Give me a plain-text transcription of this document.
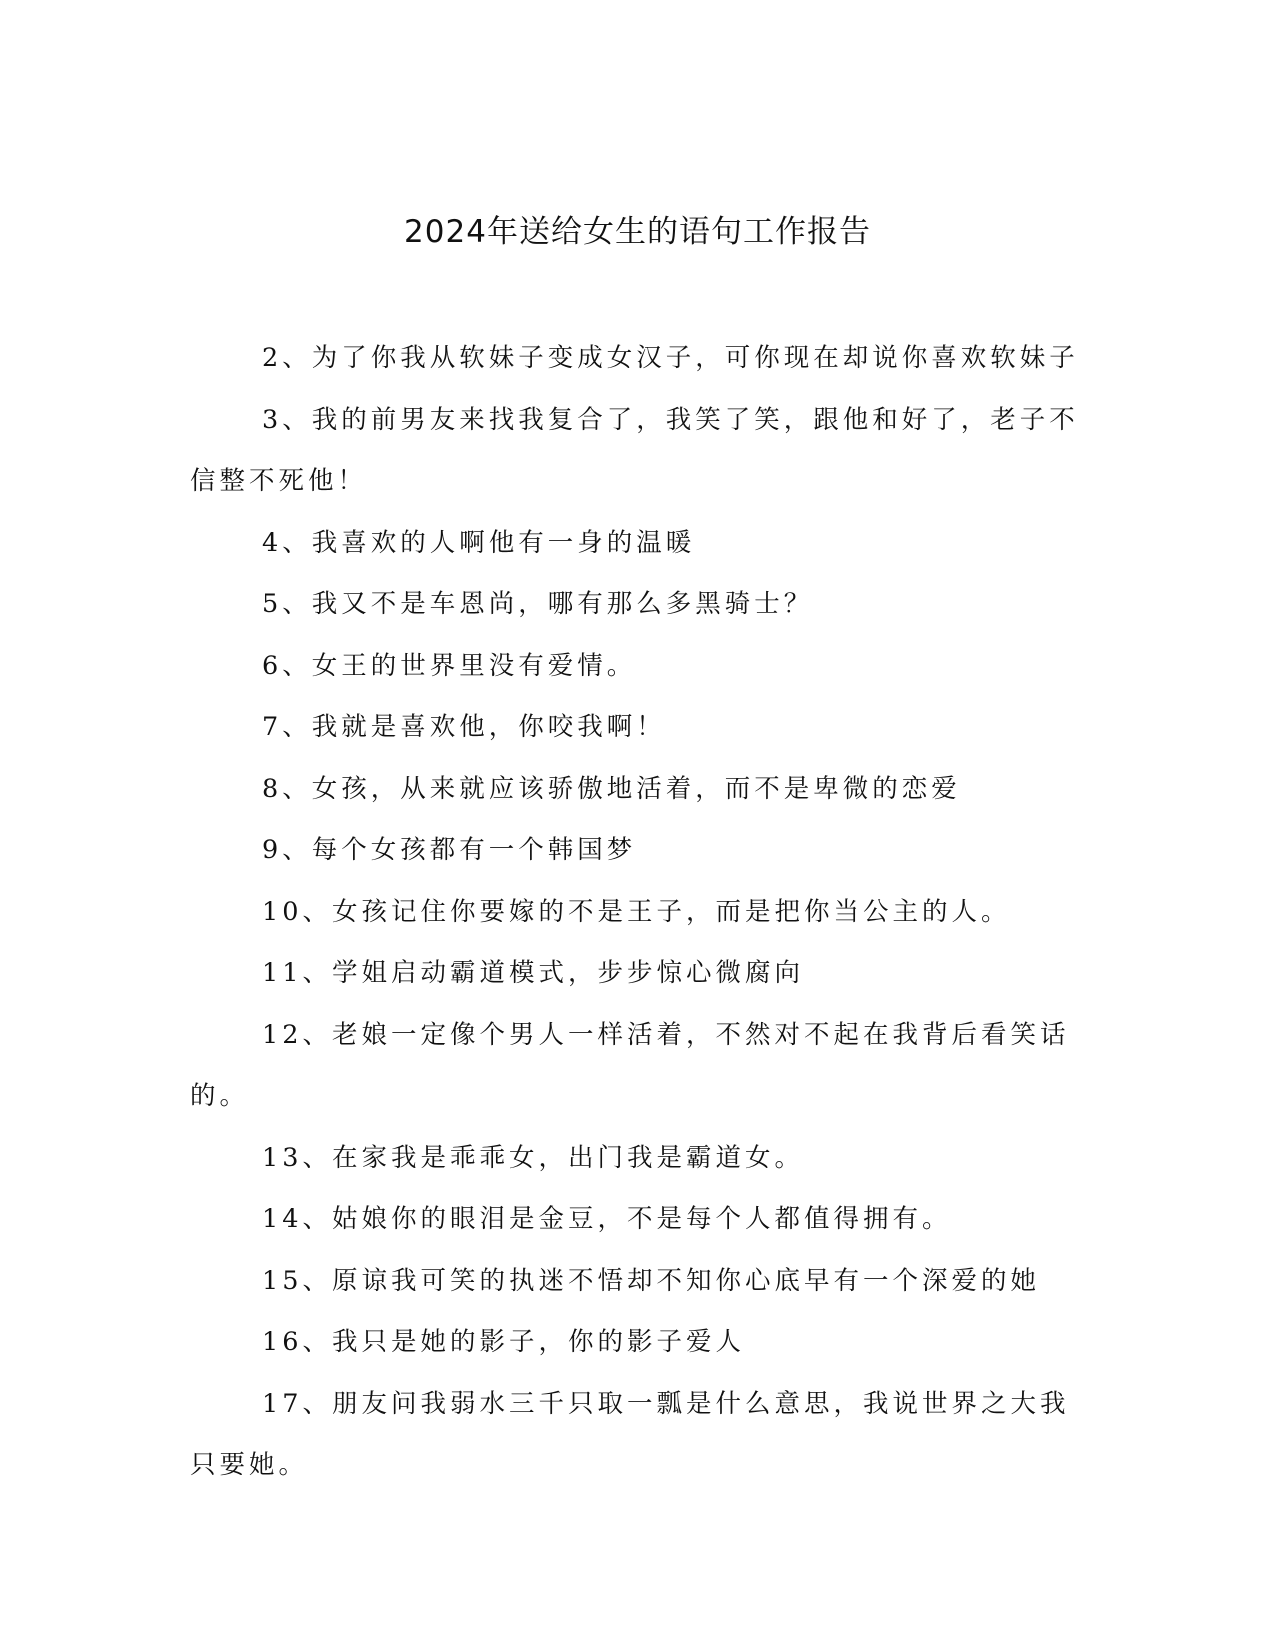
2024年送给女生的语句工作报告

2、为了你我从软妹子变成女汉子，可你现在却说你喜欢软妹子

3、我的前男友来找我复合了，我笑了笑，跟他和好了，老子不信整不死他！

4、我喜欢的人啊他有一身的温暖

5、我又不是车恩尚，哪有那么多黑骑士？

6、女王的世界里没有爱情。

7、我就是喜欢他，你咬我啊！

8、女孩，从来就应该骄傲地活着，而不是卑微的恋爱

9、每个女孩都有一个韩国梦

10、女孩记住你要嫁的不是王子，而是把你当公主的人。

11、学姐启动霸道模式，步步惊心微腐向

12、老娘一定像个男人一样活着，不然对不起在我背后看笑话的。

13、在家我是乖乖女，出门我是霸道女。

14、姑娘你的眼泪是金豆，不是每个人都值得拥有。

15、原谅我可笑的执迷不悟却不知你心底早有一个深爱的她

16、我只是她的影子，你的影子爱人

17、朋友问我弱水三千只取一瓢是什么意思，我说世界之大我只要她。
